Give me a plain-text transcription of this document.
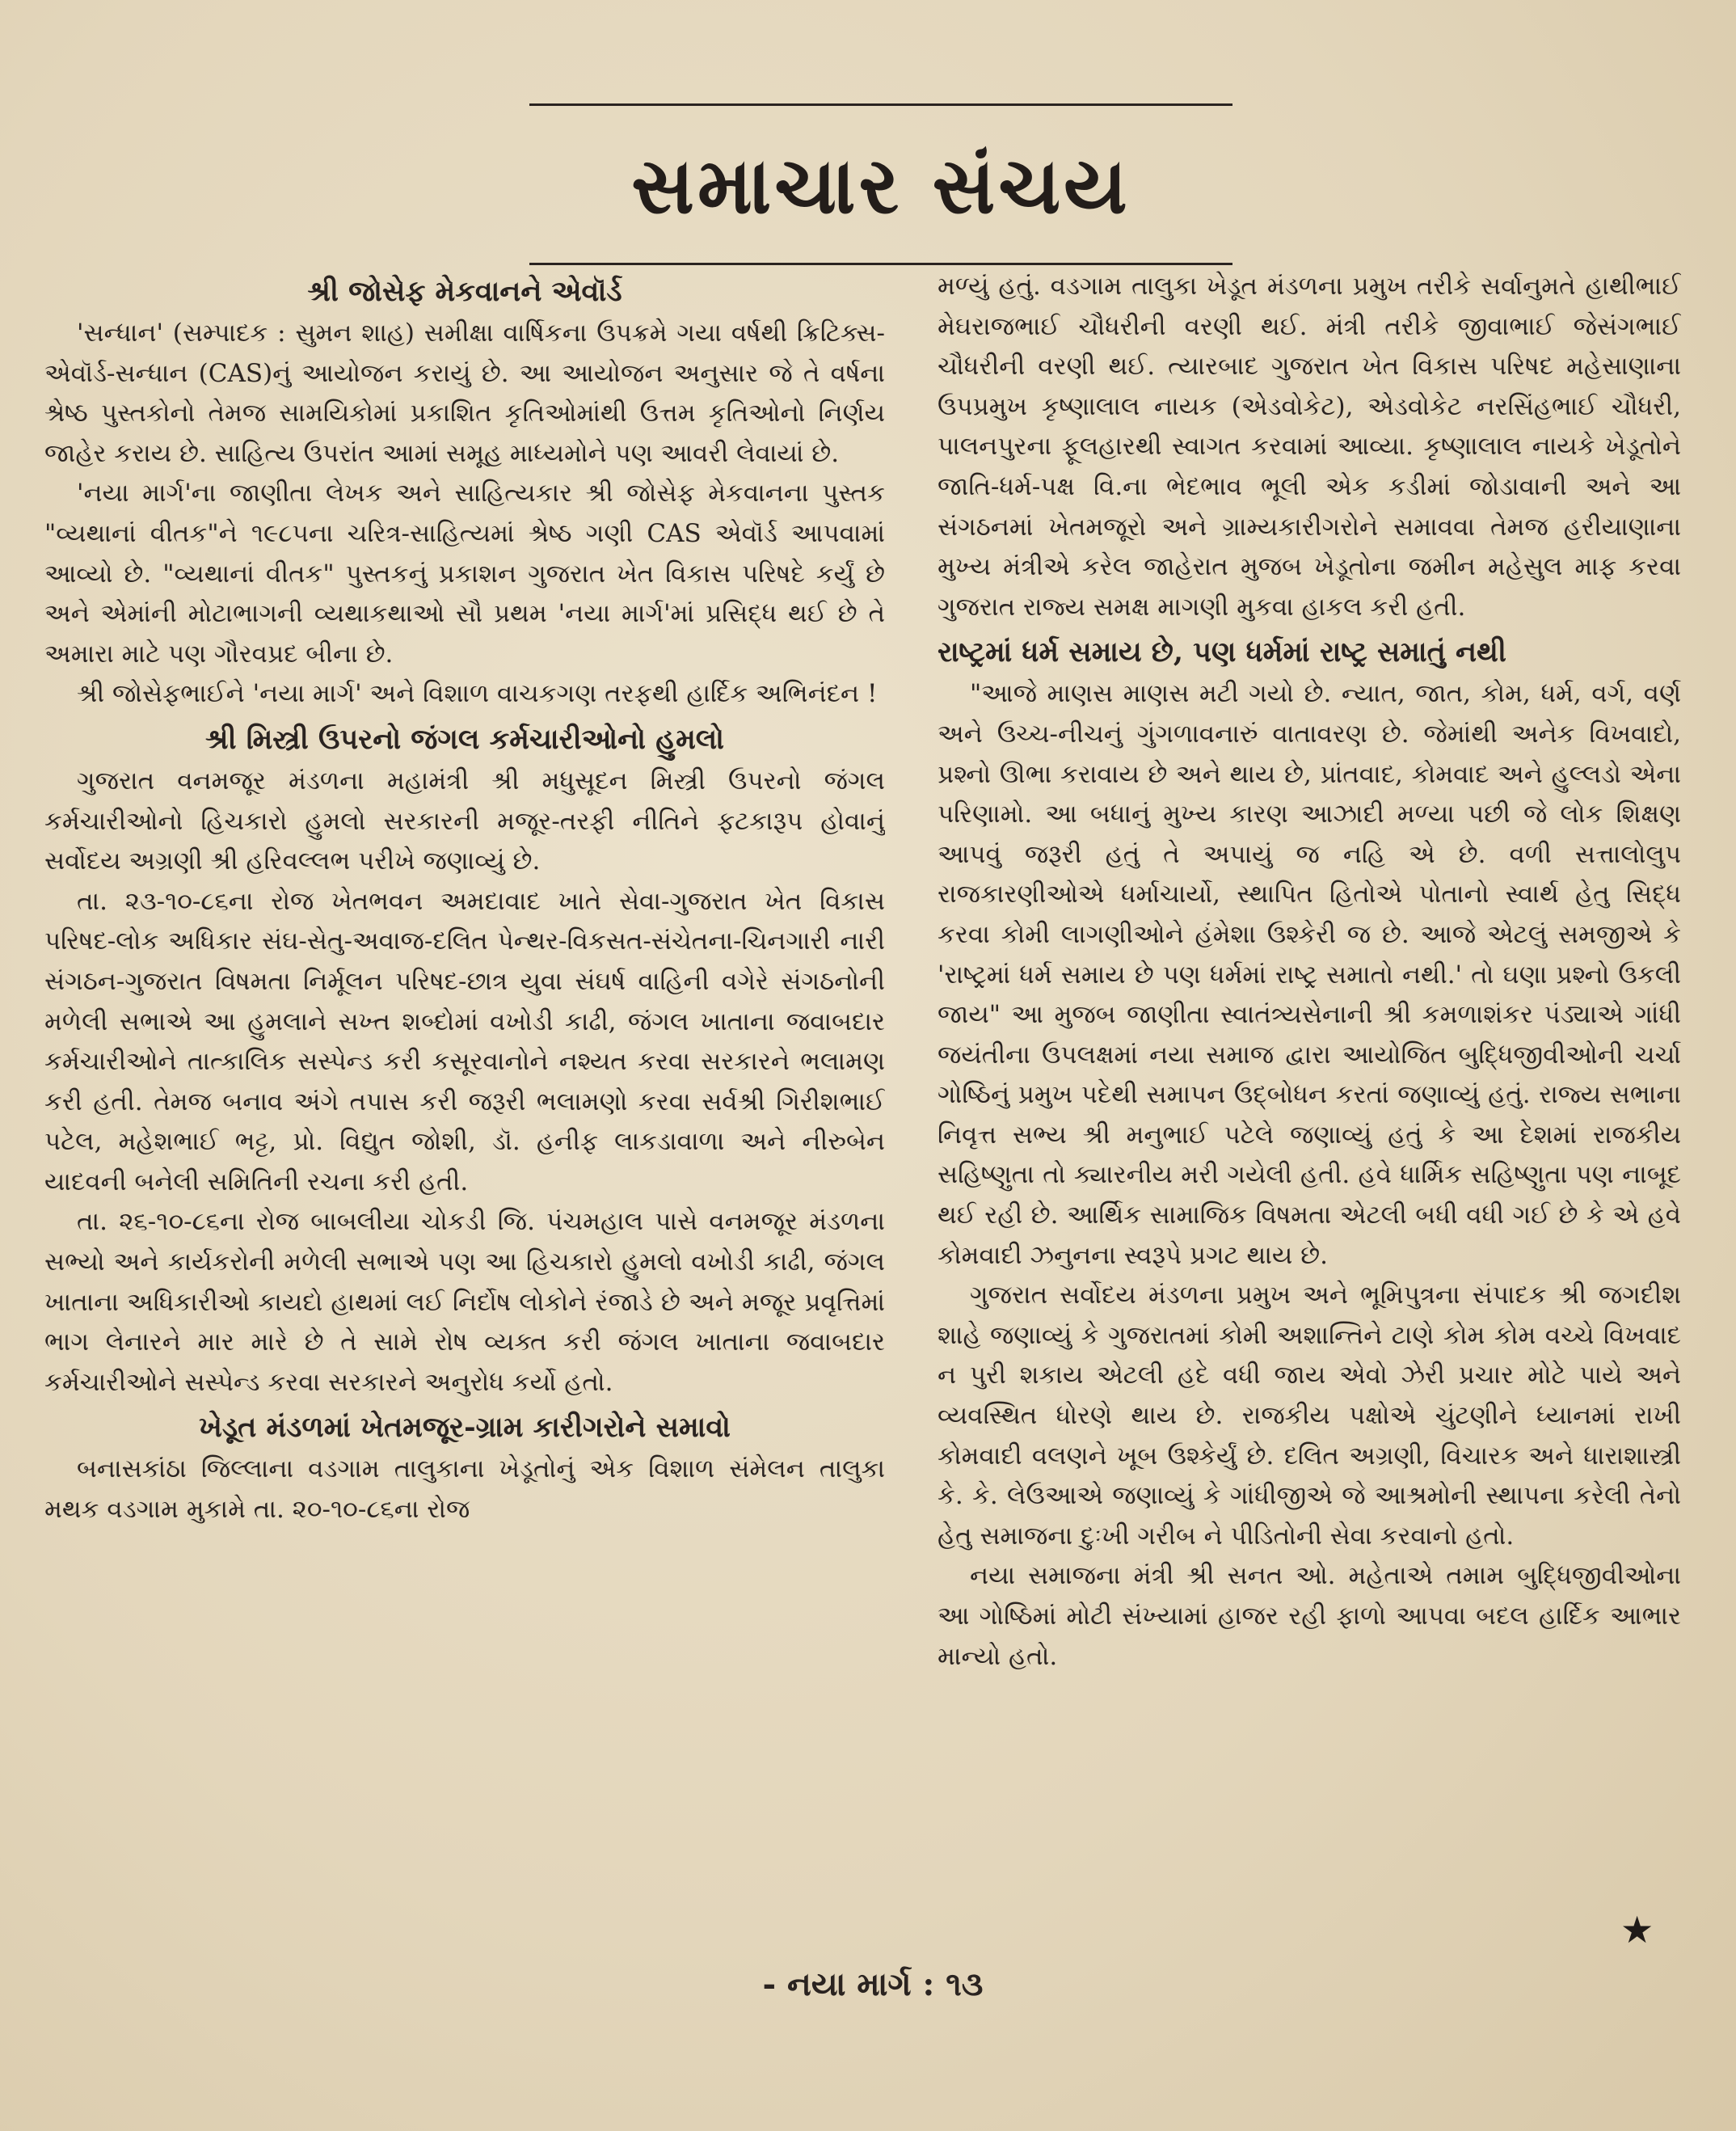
સમાચાર સંચય
શ્રી જોસેફ મેકવાનને એવૉર્ડ

'સન્ધાન' (સમ્પાદક : સુમન શાહ) સમીક્ષા વાર્ષિકના ઉપક્રમે ગયા વર્ષથી ક્રિટિક્સ-એવૉર્ડ-સન્ધાન (CAS)નું આયોજન કરાયું છે. આ આયોજન અનુસાર જે તે વર્ષના શ્રેષ્ઠ પુસ્તકોનો તેમજ સામયિકોમાં પ્રકાશિત કૃતિઓમાંથી ઉત્તમ કૃતિઓનો નિર્ણય જાહેર કરાય છે. સાહિત્ય ઉપરાંત આમાં સમૂહ માધ્યમોને પણ આવરી લેવાયાં છે.

'નયા માર્ગ'ના જાણીતા લેખક અને સાહિત્યકાર શ્રી જોસેફ મેકવાનના પુસ્તક "વ્યથાનાં વીતક"ને ૧૯૮૫ના ચરિત્ર-સાહિત્યમાં શ્રેષ્ઠ ગણી CAS એવૉર્ડ આપવામાં આવ્યો છે. "વ્યથાનાં વીતક" પુસ્તકનું પ્રકાશન ગુજરાત ખેત વિકાસ પરિષદે કર્યું છે અને એમાંની મોટાભાગની વ્યથાકથાઓ સૌ પ્રથમ 'નયા માર્ગ'માં પ્રસિદ્ધ થઈ છે તે અમારા માટે પણ ગૌરવપ્રદ બીના છે.

શ્રી જોસેફભાઈને 'નયા માર્ગ' અને વિશાળ વાચકગણ તરફથી હાર્દિક અભિનંદન !

શ્રી મિસ્ત્રી ઉપરનો જંગલ કર્મચારીઓનો હુમલો

ગુજરાત વનમજૂર મંડળના મહામંત્રી શ્રી મધુસૂદન મિસ્ત્રી ઉપરનો જંગલ કર્મચારીઓનો હિચકારો હુમલો સરકારની મજૂર-તરફી નીતિને ફટકારૂપ હોવાનું સર્વોદય અગ્રણી શ્રી હરિવલ્લભ પરીખે જણાવ્યું છે.

તા. ૨૩-૧૦-૮૬ના રોજ ખેતભવન અમદાવાદ ખાતે સેવા-ગુજરાત ખેત વિકાસ પરિષદ-લોક અધિકાર સંઘ-સેતુ-અવાજ-દલિત પેન્થર-વિકસત-સંચેતના-ચિનગારી નારી સંગઠન-ગુજરાત વિષમતા નિર્મૂલન પરિષદ-છાત્ર યુવા સંઘર્ષ વાહિની વગેરે સંગઠનોની મળેલી સભાએ આ હુમલાને સખ્ત શબ્દોમાં વખોડી કાઢી, જંગલ ખાતાના જવાબદાર કર્મચારીઓને તાત્કાલિક સસ્પેન્ડ કરી કસૂરવાનોને નશ્યત કરવા સરકારને ભલામણ કરી હતી. તેમજ બનાવ અંગે તપાસ કરી જરૂરી ભલામણો કરવા સર્વશ્રી ગિરીશભાઈ પટેલ, મહેશભાઈ ભટ્ટ, પ્રો. વિદ્યુત જોશી, ડૉ. હનીફ લાકડાવાળા અને નીરુબેન યાદવની બનેલી સમિતિની રચના કરી હતી.

તા. ૨૬-૧૦-૮૬ના રોજ બાબલીયા ચોકડી જિ. પંચમહાલ પાસે વનમજૂર મંડળના સભ્યો અને કાર્યકરોની મળેલી સભાએ પણ આ હિચકારો હુમલો વખોડી કાઢી, જંગલ ખાતાના અધિકારીઓ કાયદો હાથમાં લઈ નિર્દોષ લોકોને રંજાડે છે અને મજૂર પ્રવૃત્તિમાં ભાગ લેનારને માર મારે છે તે સામે રોષ વ્યક્ત કરી જંગલ ખાતાના જવાબદાર કર્મચારીઓને સસ્પેન્ડ કરવા સરકારને અનુરોધ કર્યો હતો.

ખેડૂત મંડળમાં ખેતમજૂર-ગ્રામ કારીગરોને સમાવો

બનાસકાંઠા જિલ્લાના વડગામ તાલુકાના ખેડૂતોનું એક વિશાળ સંમેલન તાલુકા મથક વડગામ મુકામે તા. ૨૦-૧૦-૮૬ના રોજ

મળ્યું હતું. વડગામ તાલુકા ખેડૂત મંડળના પ્રમુખ તરીકે સર્વાનુમતે હાથીભાઈ મેઘરાજભાઈ ચૌધરીની વરણી થઈ. મંત્રી તરીકે જીવાભાઈ જેસંગભાઈ ચૌધરીની વરણી થઈ. ત્યારબાદ ગુજરાત ખેત વિકાસ પરિષદ મહેસાણાના ઉપપ્રમુખ કૃષ્ણાલાલ નાયક (એડવોકેટ), એડવોકેટ નરસિંહભાઈ ચૌધરી, પાલનપુરના ફૂલહારથી સ્વાગત કરવામાં આવ્યા. કૃષ્ણાલાલ નાયકે ખેડૂતોને જાતિ-ધર્મ-પક્ષ વિ.ના ભેદભાવ ભૂલી એક કડીમાં જોડાવાની અને આ સંગઠનમાં ખેતમજૂરો અને ગ્રામ્યકારીગરોને સમાવવા તેમજ હરીયાણાના મુખ્ય મંત્રીએ કરેલ જાહેરાત મુજબ ખેડૂતોના જમીન મહેસુલ માફ કરવા ગુજરાત રાજ્ય સમક્ષ માગણી મુકવા હાકલ કરી હતી.

રાષ્ટ્રમાં ધર્મ સમાય છે, પણ ધર્મમાં રાષ્ટ્ર સમાતું નથી

"આજે માણસ માણસ મટી ગયો છે. ન્યાત, જાત, કોમ, ધર્મ, વર્ગ, વર્ણ અને ઉચ્ચ-નીચનું ગુંગળાવનારું વાતાવરણ છે. જેમાંથી અનેક વિખવાદો, પ્રશ્નો ઊભા કરાવાય છે અને થાય છે, પ્રાંતવાદ, કોમવાદ અને હુલ્લડો એના પરિણામો. આ બધાનું મુખ્ય કારણ આઝાદી મળ્યા પછી જે લોક શિક્ષણ આપવું જરૂરી હતું તે અપાયું જ નહિ એ છે. વળી સત્તાલોલુપ રાજકારણીઓએ ધર્માચાર્યો, સ્થાપિત હિતોએ પોતાનો સ્વાર્થ હેતુ સિદ્ધ કરવા કોમી લાગણીઓને હંમેશા ઉશ્કેરી જ છે. આજે એટલું સમજીએ કે 'રાષ્ટ્રમાં ધર્મ સમાય છે પણ ધર્મમાં રાષ્ટ્ર સમાતો નથી.' તો ઘણા પ્રશ્નો ઉકલી જાય" આ મુજબ જાણીતા સ્વાતંત્ર્યસેનાની શ્રી કમળાશંકર પંડ્યાએ ગાંધી જયંતીના ઉપલક્ષમાં નયા સમાજ દ્વારા આયોજિત બુદ્ધિજીવીઓની ચર્ચા ગોષ્ઠિનું પ્રમુખ પદેથી સમાપન ઉદ્બોધન કરતાં જણાવ્યું હતું. રાજ્ય સભાના નિવૃત્ત સભ્ય શ્રી મનુભાઈ પટેલે જણાવ્યું હતું કે આ દેશમાં રાજકીય સહિષ્ણુતા તો ક્યારનીય મરી ગયેલી હતી. હવે ધાર્મિક સહિષ્ણુતા પણ નાબૂદ થઈ રહી છે. આર્થિક સામાજિક વિષમતા એટલી બધી વધી ગઈ છે કે એ હવે કોમવાદી ઝનુનના સ્વરૂપે પ્રગટ થાય છે.

ગુજરાત સર્વોદય મંડળના પ્રમુખ અને ભૂમિપુત્રના સંપાદક શ્રી જગદીશ શાહે જણાવ્યું કે ગુજરાતમાં કોમી અશાન્તિને ટાણે કોમ કોમ વચ્ચે વિખવાદ ન પુરી શકાય એટલી હદે વધી જાય એવો ઝેરી પ્રચાર મોટે પાયે અને વ્યવસ્થિત ધોરણે થાય છે. રાજકીય પક્ષોએ ચુંટણીને ધ્યાનમાં રાખી કોમવાદી વલણને ખૂબ ઉશ્કેર્યું છે. દલિત અગ્રણી, વિચારક અને ધારાશાસ્ત્રી કે. કે. લેઉઆએ જણાવ્યું કે ગાંધીજીએ જે આશ્રમોની સ્થાપના કરેલી તેનો હેતુ સમાજના દુઃખી ગરીબ ને પીડિતોની સેવા કરવાનો હતો.

નયા સમાજના મંત્રી શ્રી સનત ઓ. મહેતાએ તમામ બુદ્ધિજીવીઓના આ ગોષ્ઠિમાં મોટી સંખ્યામાં હાજર રહી ફાળો આપવા બદલ હાર્દિક આભાર માન્યો હતો.

★
- નયા માર્ગ : ૧૩
